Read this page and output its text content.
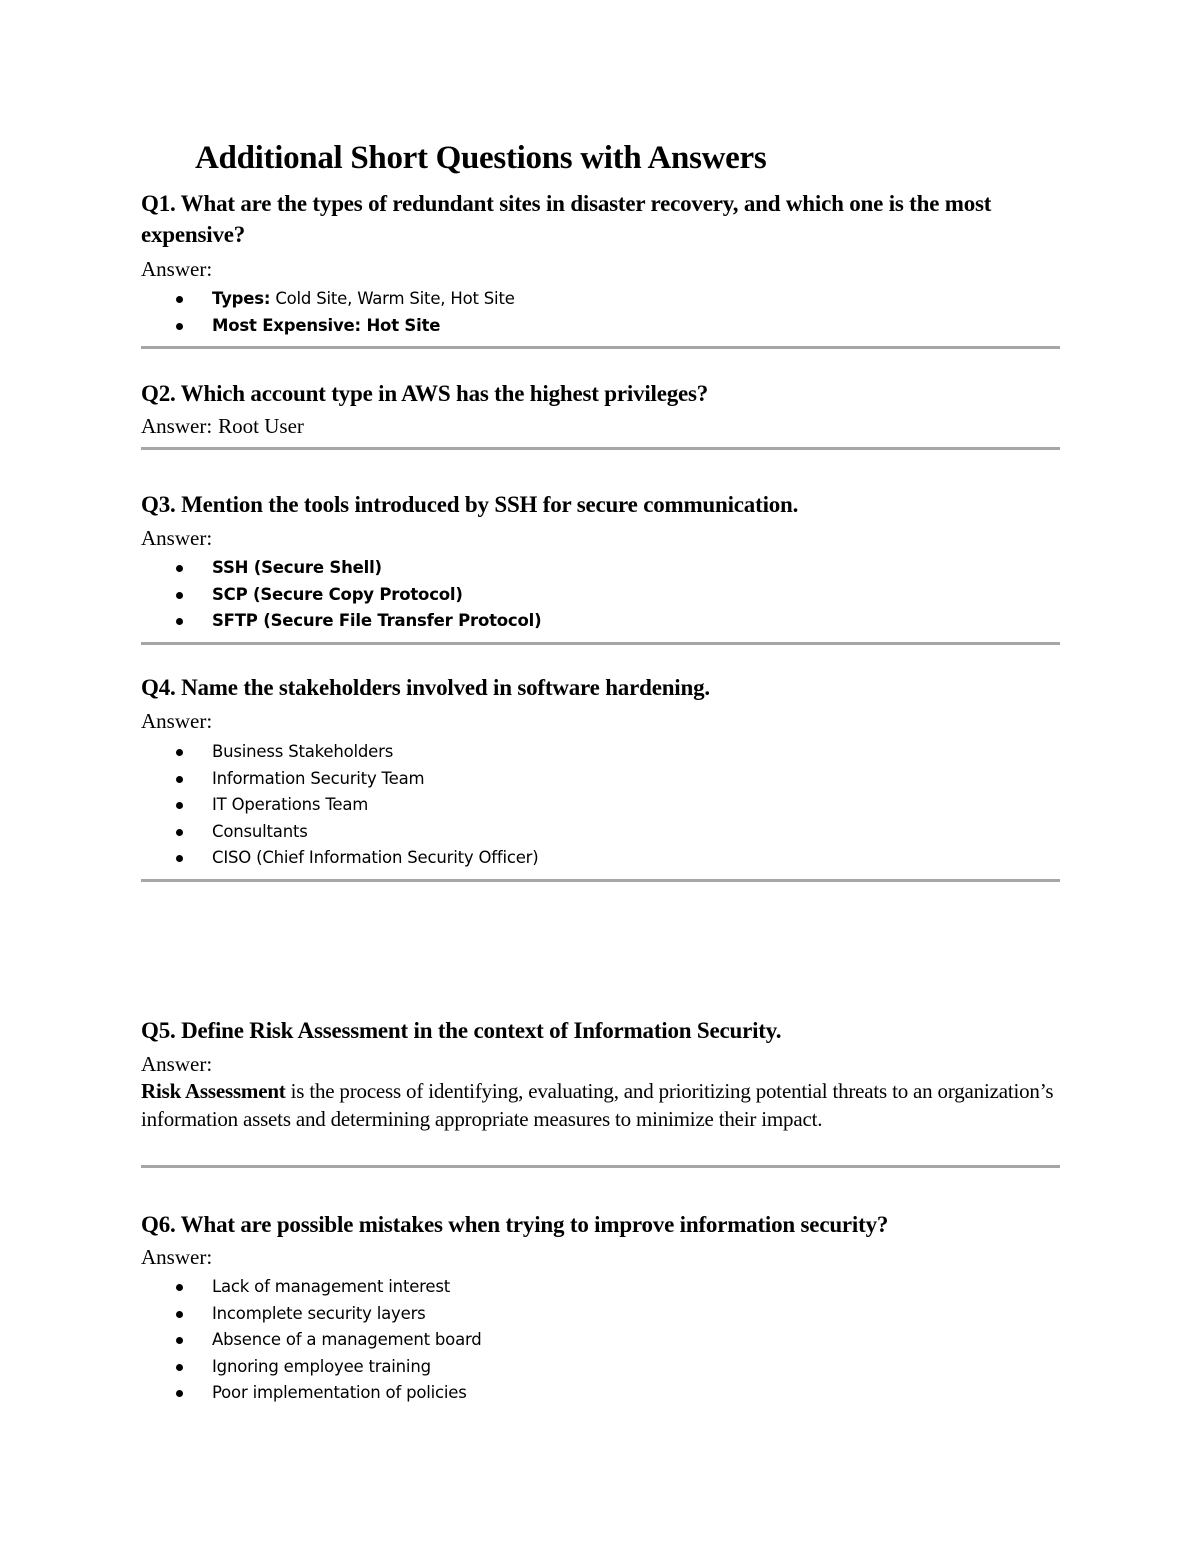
Additional Short Questions with Answers
Q1. What are the types of redundant sites in disaster recovery, and which one is the most expensive?
Answer:
Types: Cold Site, Warm Site, Hot Site
Most Expensive: Hot Site
Q2. Which account type in AWS has the highest privileges?
Answer: Root User
Q3. Mention the tools introduced by SSH for secure communication.
Answer:
SSH (Secure Shell)
SCP (Secure Copy Protocol)
SFTP (Secure File Transfer Protocol)
Q4. Name the stakeholders involved in software hardening.
Answer:
Business Stakeholders
Information Security Team
IT Operations Team
Consultants
CISO (Chief Information Security Officer)
Q5. Define Risk Assessment in the context of Information Security.
Answer:
Risk Assessment is the process of identifying, evaluating, and prioritizing potential threats to an organization’s information assets and determining appropriate measures to minimize their impact.
Q6. What are possible mistakes when trying to improve information security?
Answer:
Lack of management interest
Incomplete security layers
Absence of a management board
Ignoring employee training
Poor implementation of policies
